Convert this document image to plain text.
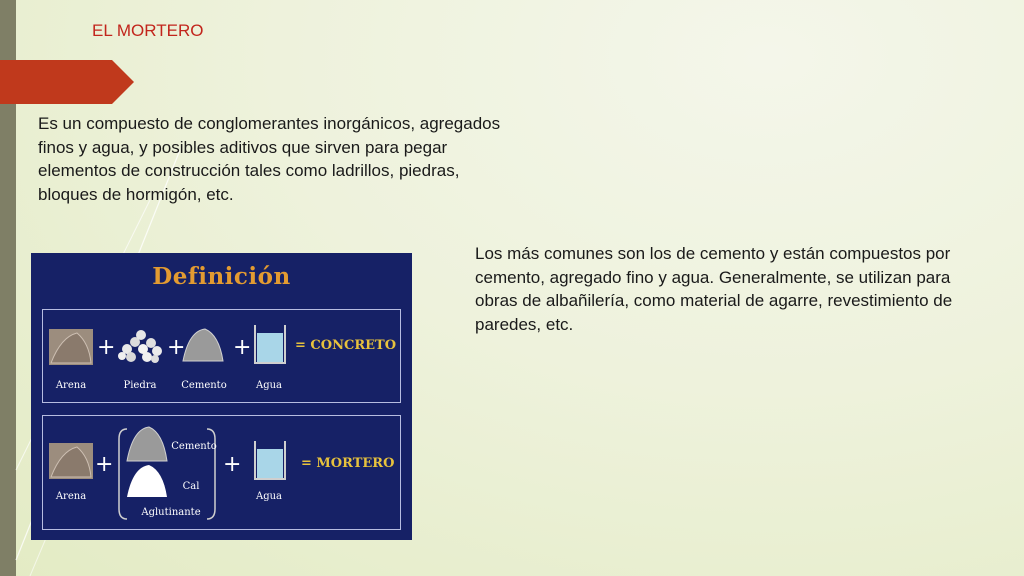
EL MORTERO
Es un compuesto de conglomerantes inorgánicos, agregados finos y agua, y posibles aditivos que sirven para pegar elementos de construcción tales como ladrillos, piedras, bloques de hormigón, etc.
Los más comunes son los de cemento y están compuestos por cemento, agregado fino y agua. Generalmente, se utilizan para obras de albañilería, como material de agarre, revestimiento de paredes, etc.
Definición
+ + +
+	+
Arena	Piedra	Cemento	Agua
= CONCRETO
Arena
Cemento
Cal
Aglutinante
Agua
= MORTERO
